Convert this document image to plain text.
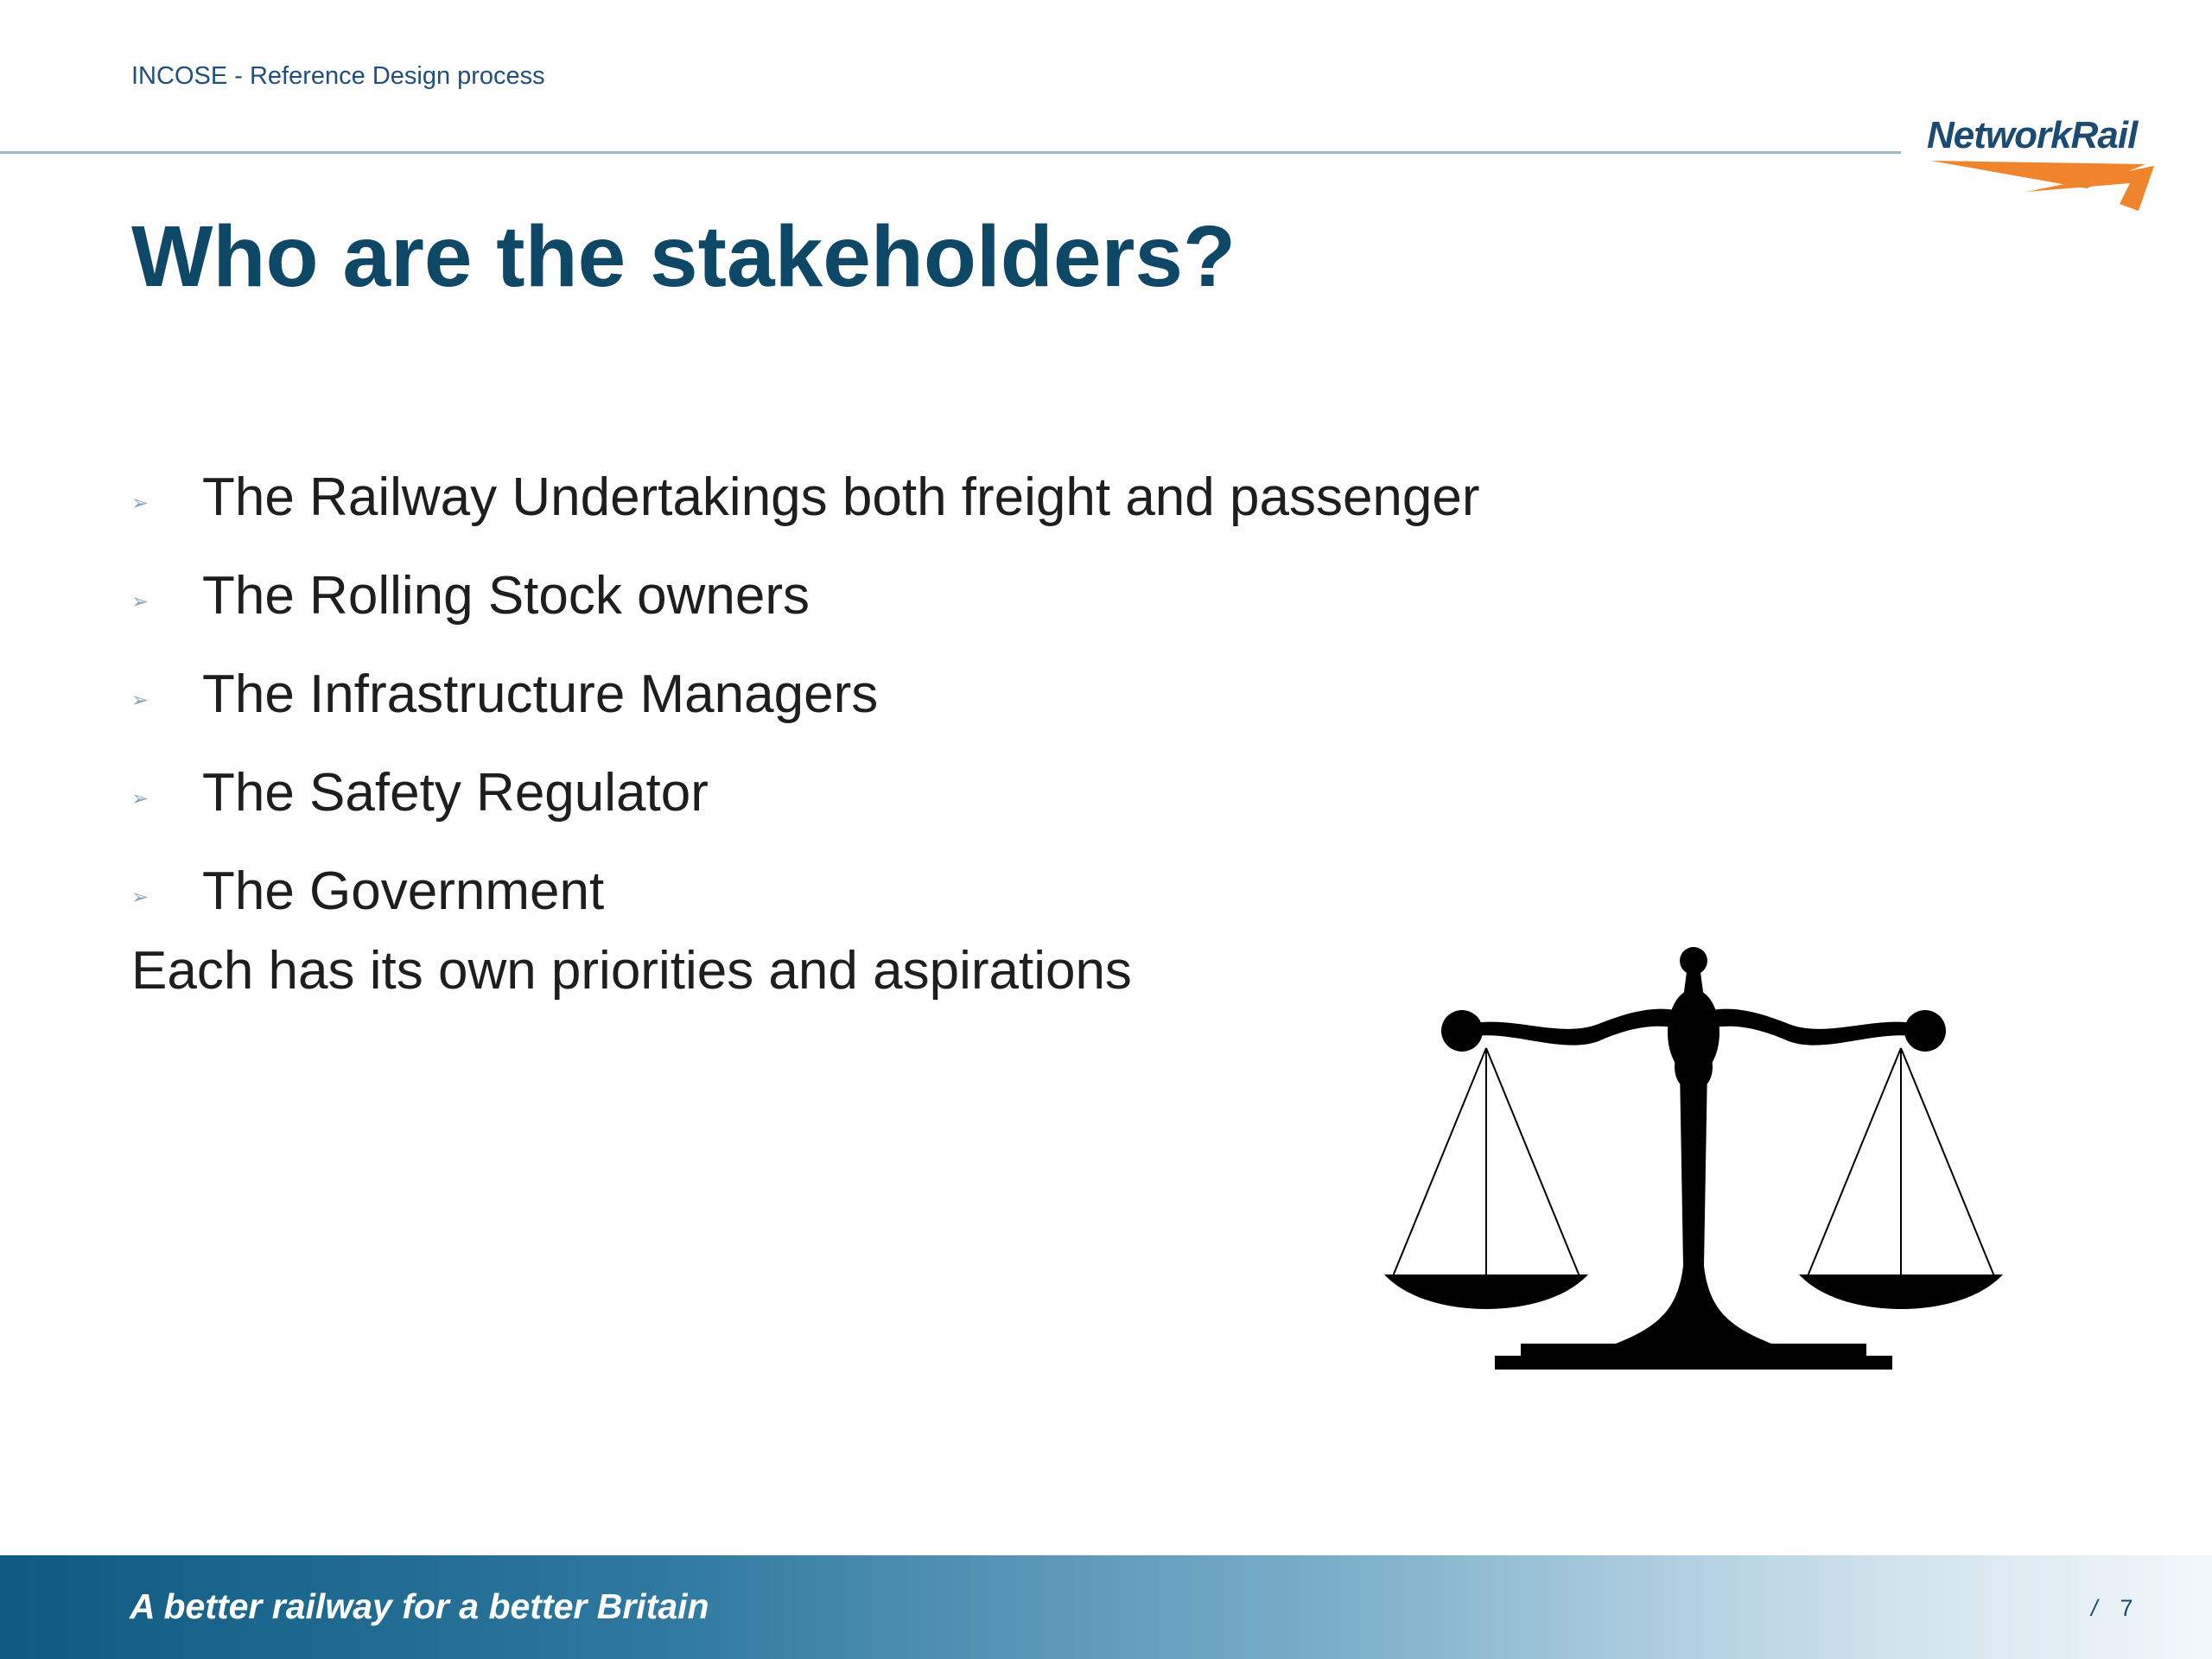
INCOSE - Reference Design process
NetworkRail
Who are the stakeholders?
➢ The Railway Undertakings both freight and passenger
➢ The Rolling Stock owners
➢ The Infrastructure Managers
➢ The Safety Regulator
➢ The Government
Each has its own priorities and aspirations
A better railway for a better Britain	/ 7
